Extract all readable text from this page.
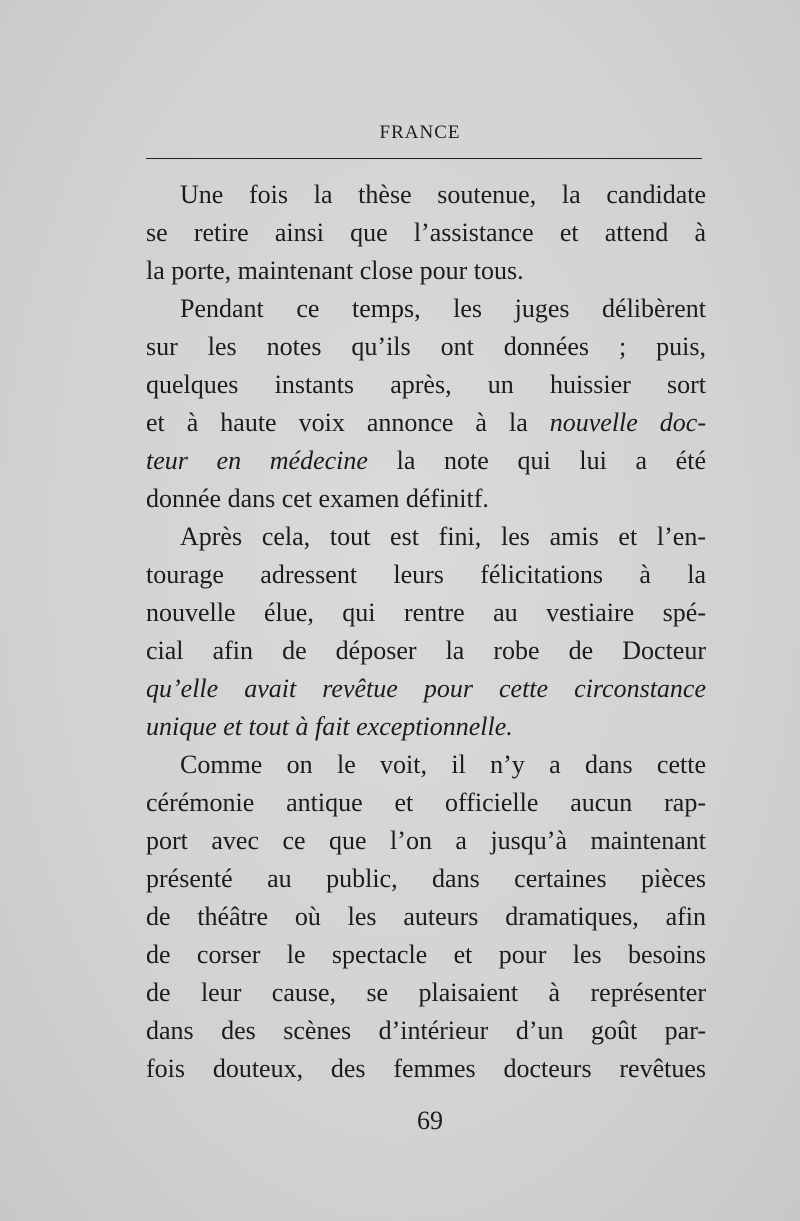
FRANCE
Une fois la thèse soutenue, la candidate
se retire ainsi que l’assistance et attend à
la porte, maintenant close pour tous.
Pendant ce temps, les juges délibèrent
sur les notes qu’ils ont données ; puis,
quelques instants après, un huissier sort
et à haute voix annonce à la nouvelle doc-
teur en médecine la note qui lui a été
donnée dans cet examen définitf.
Après cela, tout est fini, les amis et l’en-
tourage adressent leurs félicitations à la
nouvelle élue, qui rentre au vestiaire spé-
cial afin de déposer la robe de Docteur
qu’elle avait revêtue pour cette circonstance
unique et tout à fait exceptionnelle.
Comme on le voit, il n’y a dans cette
cérémonie antique et officielle aucun rap-
port avec ce que l’on a jusqu’à maintenant
présenté au public, dans certaines pièces
de théâtre où les auteurs dramatiques, afin
de corser le spectacle et pour les besoins
de leur cause, se plaisaient à représenter
dans des scènes d’intérieur d’un goût par-
fois douteux, des femmes docteurs revêtues
69
